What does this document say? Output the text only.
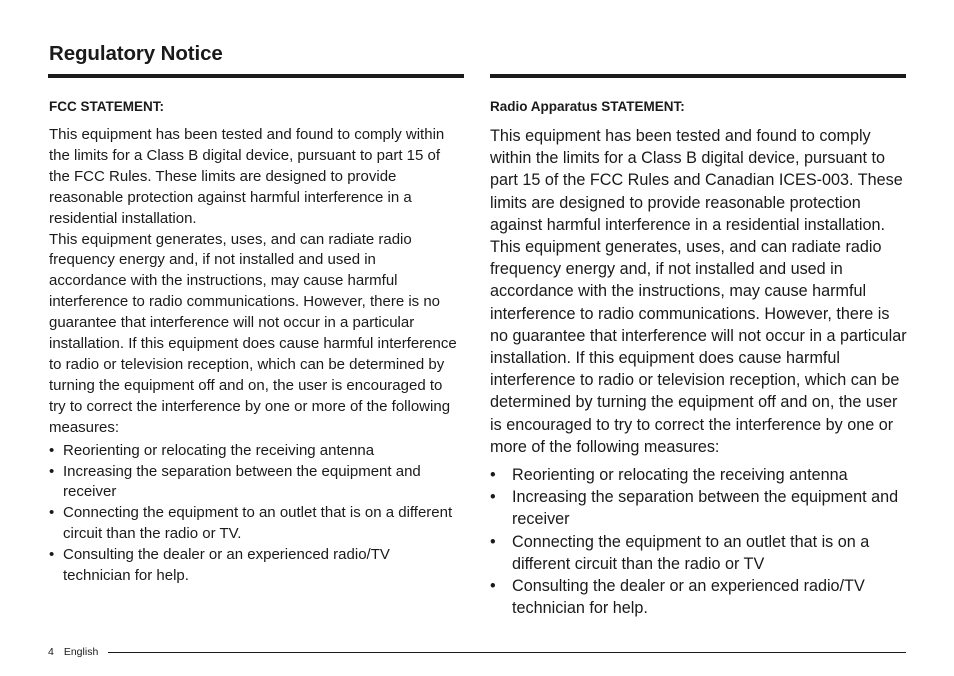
Regulatory Notice
FCC STATEMENT:

This equipment has been tested and found to comply within the limits for a Class B digital device, pursuant to part 15 of the FCC Rules. These limits are designed to provide reasonable protection against harmful interference in a residential installation.

This equipment generates, uses, and can radiate radio frequency energy and, if not installed and used in accordance with the instructions, may cause harmful interference to radio communications. However, there is no guarantee that interference will not occur in a particular installation. If this equipment does cause harmful interference to radio or television reception, which can be determined by turning the equipment off and on, the user is encouraged to try to correct the interference by one or more of the following measures:

• Reorienting or relocating the receiving antenna
• Increasing the separation between the equipment and receiver
• Connecting the equipment to an outlet that is on a different circuit than the radio or TV.
• Consulting the dealer or an experienced radio/TV technician for help.
Radio Apparatus STATEMENT:

This equipment has been tested and found to comply within the limits for a Class B digital device, pursuant to part 15 of the FCC Rules and Canadian ICES-003. These limits are designed to provide reasonable protection against harmful interference in a residential installation.

This equipment generates, uses, and can radiate radio frequency energy and, if not installed and used in accordance with the instructions, may cause harmful interference to radio communications. However, there is no guarantee that interference will not occur in a particular installation. If this equipment does cause harmful interference to radio or television reception, which can be determined by turning the equipment off and on, the user is encouraged to try to correct the interference by one or more of the following measures:

• Reorienting or relocating the receiving antenna
• Increasing the separation between the equipment and receiver
• Connecting the equipment to an outlet that is on a different circuit than the radio or TV
• Consulting the dealer or an experienced radio/TV technician for help.
4 English
